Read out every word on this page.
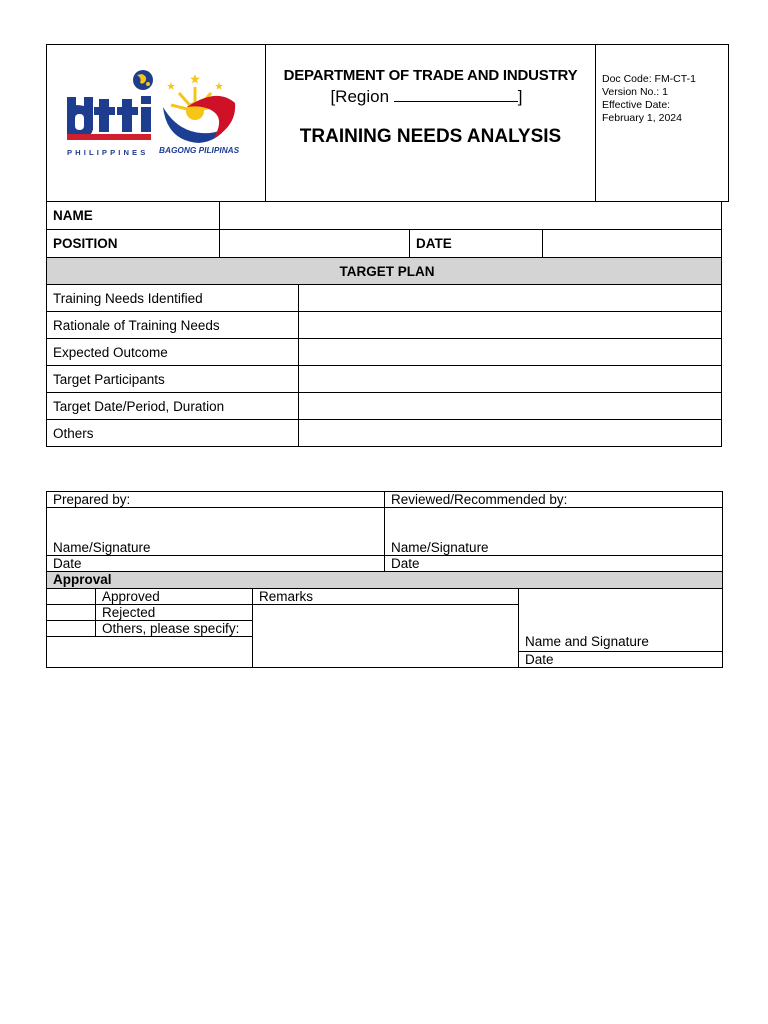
PHILIPPINES BAGONG PILIPINAS

DEPARTMENT OF TRADE AND INDUSTRY
[Region	]
TRAINING NEEDS ANALYSIS

Doc Code: FM-CT-1
Version No.: 1
Effective Date:
February 1, 2024
NAME				
POSITION			DATE	
TARGET PLAN				
Training Needs Identified				
Rationale of Training Needs				
Expected Outcome				
Target Participants				
Target Date/Period, Duration				
Others				
Prepared by:			Reviewed/Recommended by:	
Name/Signature			Name/Signature	
Date			Date	
Approval				
	Approved	Remarks		Name and Signature
	Rejected			
	Others, please specify:			

				Date
